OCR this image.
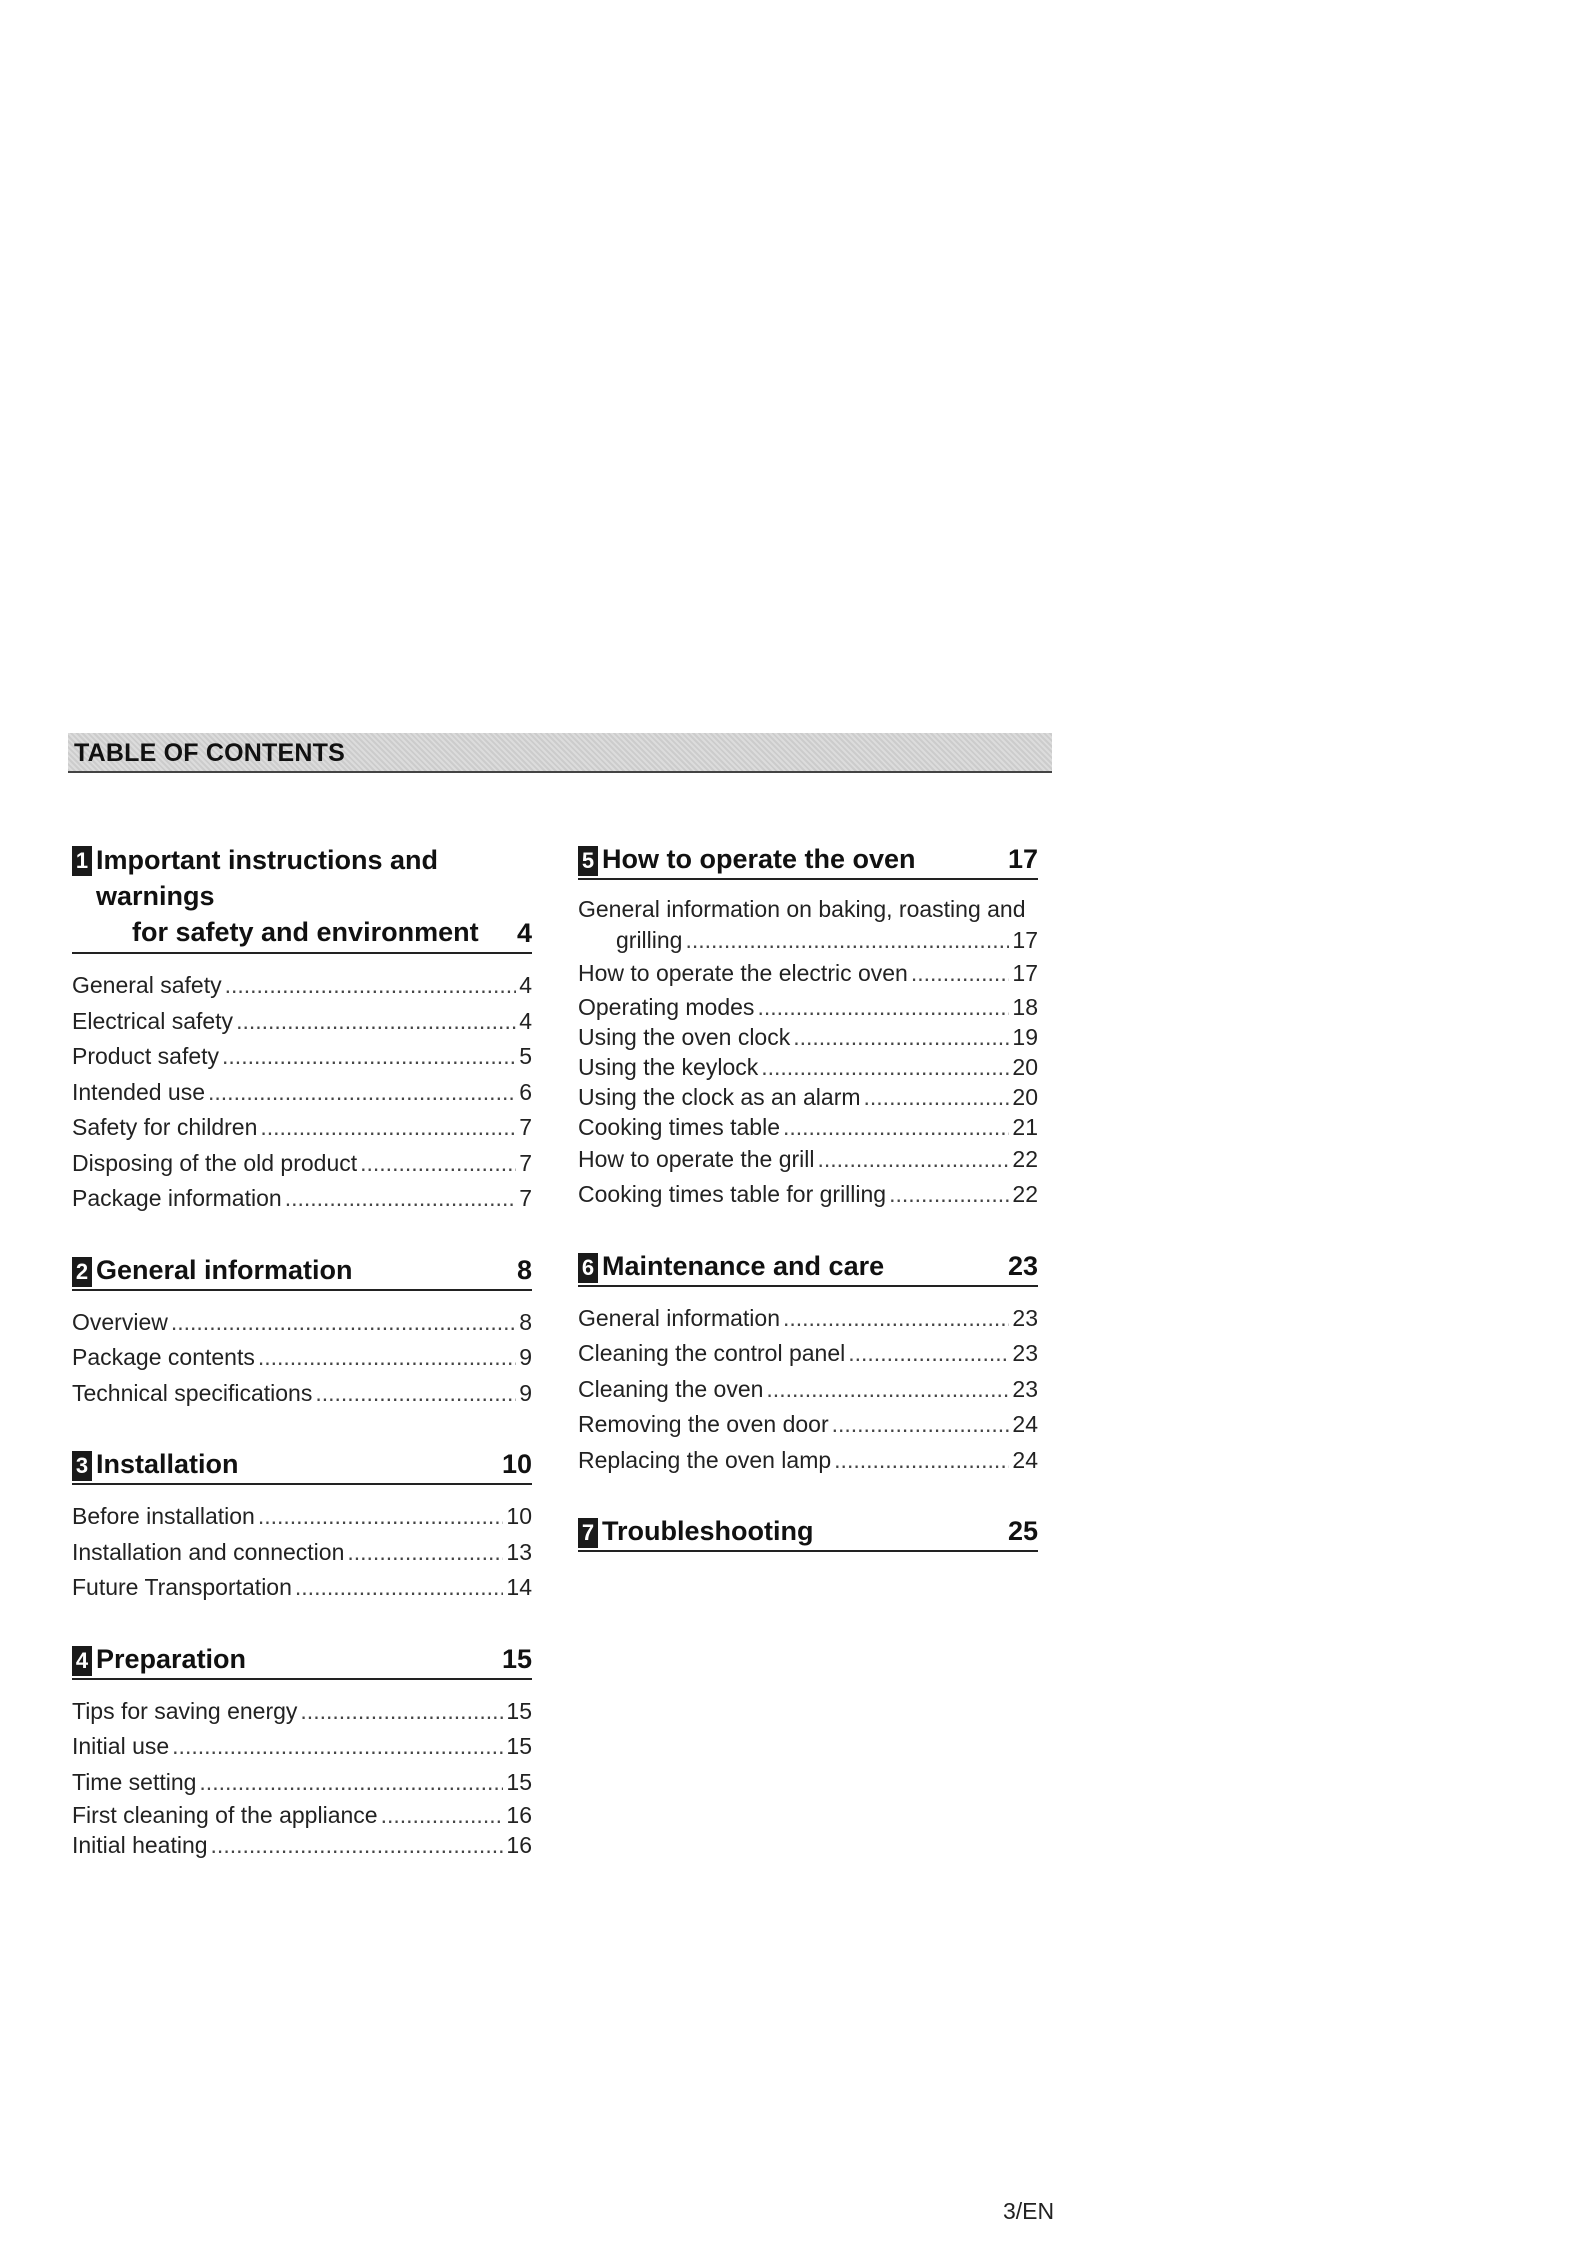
TABLE OF CONTENTS
1 Important instructions and warnings
for safety and environment	4
General safety .....	4
Electrical safety .....	4
Product safety .....	5
Intended use .....	6
Safety for children .....	7
Disposing of the old product .....	7
Package information .....	7
2 General information	8
Overview .....	8
Package contents .....	9
Technical specifications .....	9
3 Installation	10
Before installation .....	10
Installation and connection .....	13
Future Transportation .....	14
4 Preparation	15
Tips for saving energy .....	15
Initial use .....	15
Time setting .....	15
First cleaning of the appliance .....	16
Initial heating .....	16
5 How to operate the oven	17
General information on baking, roasting and
grilling .....	17
How to operate the electric oven .....	17
Operating modes .....	18
Using the oven clock .....	19
Using the keylock .....	20
Using the clock as an alarm .....	20
Cooking times table .....	21
How to operate the grill .....	22
Cooking times table for grilling .....	22
6 Maintenance and care	23
General information .....	23
Cleaning the control panel .....	23
Cleaning the oven .....	23
Removing the oven door .....	24
Replacing the oven lamp .....	24
7 Troubleshooting	25
3/EN
